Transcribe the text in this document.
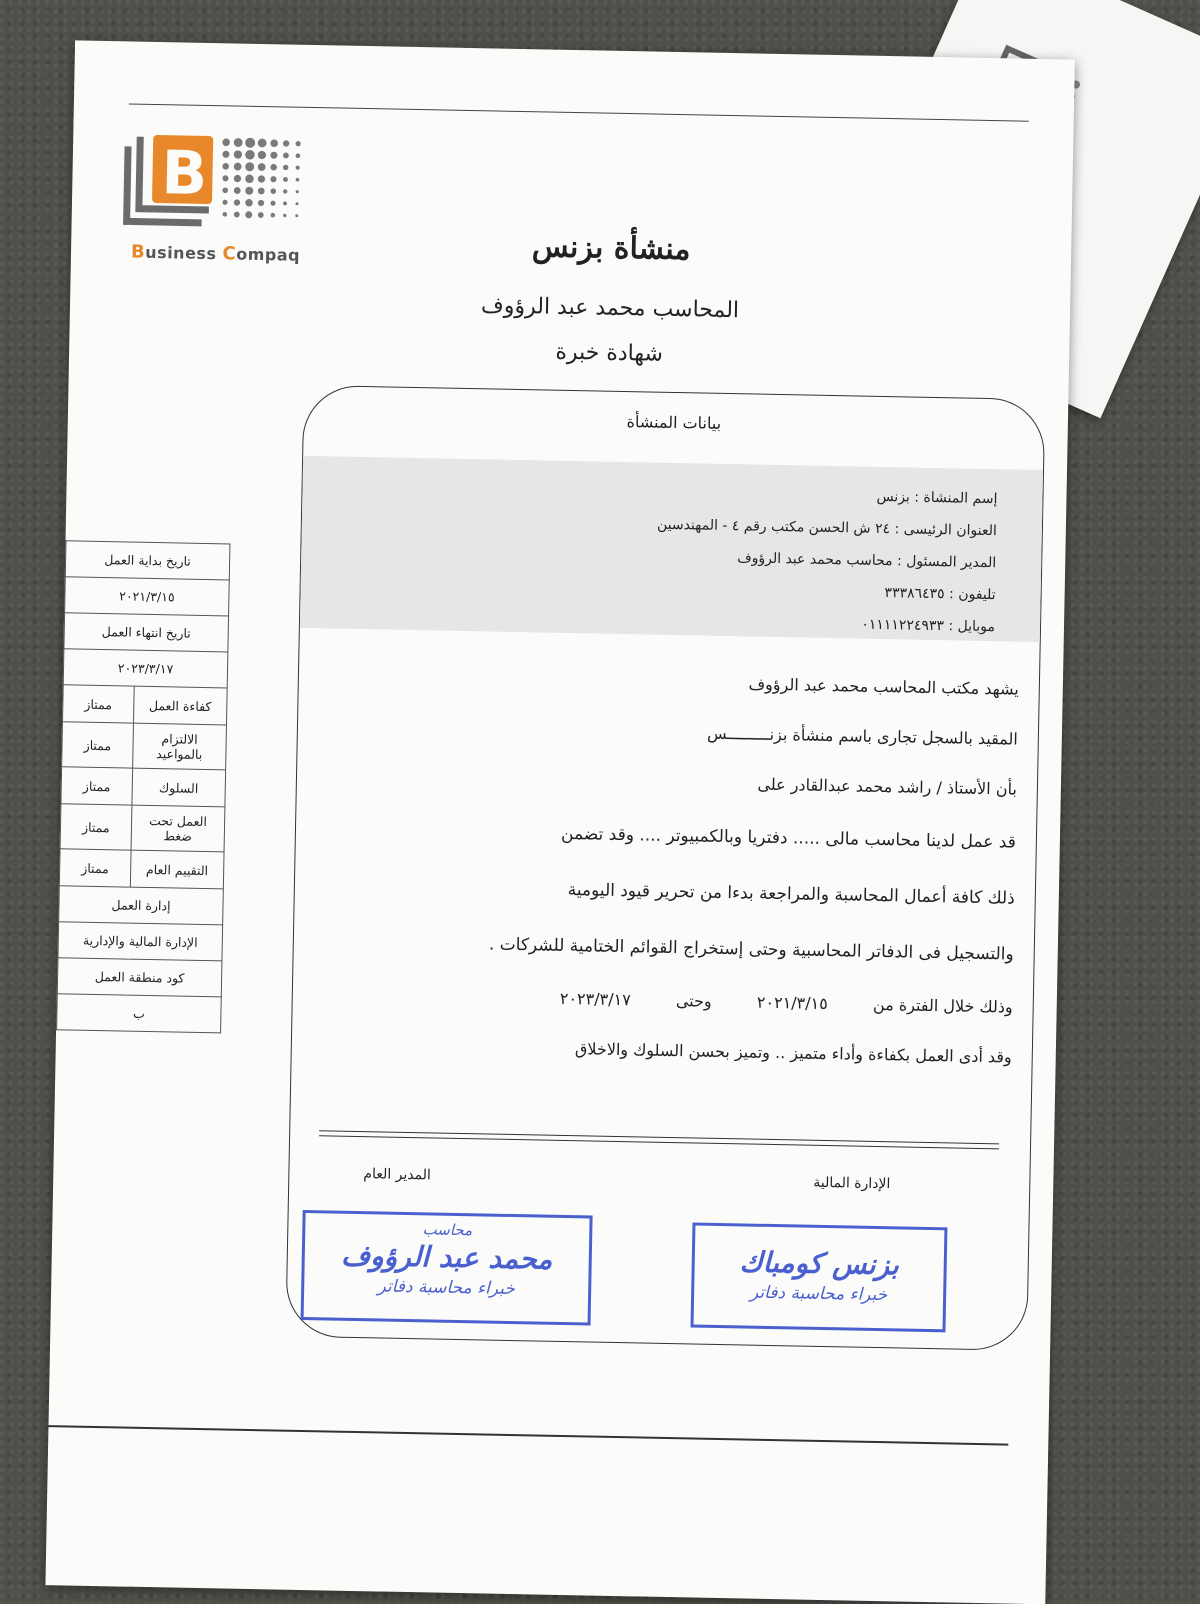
B
Business Compaq	منشأة بزنس
المحاسب محمد عبد الرؤوف
شهادة خبرة
بيانات المنشأة
إسم المنشاة : بزنس
العنوان الرئيسى : ٢٤ ش الحسن مكتب رقم ٤ - المهندسين
المدير المسئول : محاسب محمد عبد الرؤوف
تليفون : ٣٣٣٨٦٤٣٥
موبايل : ٠١١١١٢٢٤٩٣٣
يشهد مكتب المحاسب محمد عبد الرؤوف
المقيد بالسجل تجارى باسم منشأة بزنـــــــــس
بأن الأستاذ / راشد محمد عبدالقادر على
قد عمل لدينا محاسب مالى ..... دفتريا وبالكمبيوتر .... وقد تضمن
ذلك كافة أعمال المحاسبة والمراجعة بدءا من تحرير قيود اليومية
والتسجيل فى الدفاتر المحاسبية وحتى إستخراج القوائم الختامية للشركات .
وذلك خلال الفترة من  ٢٠٢١/٣/١٥  وحتى  ٢٠٢٣/٣/١٧
وقد أدى العمل بكفاءة وأداء متميز .. وتميز بحسن السلوك والاخلاق
المدير العام	الإدارة المالية
محاسب
محمد عبد الرؤوف
خبراء محاسبة دفاتر
بزنس كومباك
خبراء محاسبة دفاتر
تاريخ بداية العمل	
٢٠٢١/٣/١٥	
تاريخ انتهاء العمل	
٢٠٢٣/٣/١٧	
كفاءة العمل	ممتاز
الالتزام بالمواعيد	ممتاز
السلوك	ممتاز
العمل تحت ضغط	ممتاز
التقييم العام	ممتاز
إدارة العمل	
الإدارة المالية والإدارية	
كود منطقة العمل	
ب	
